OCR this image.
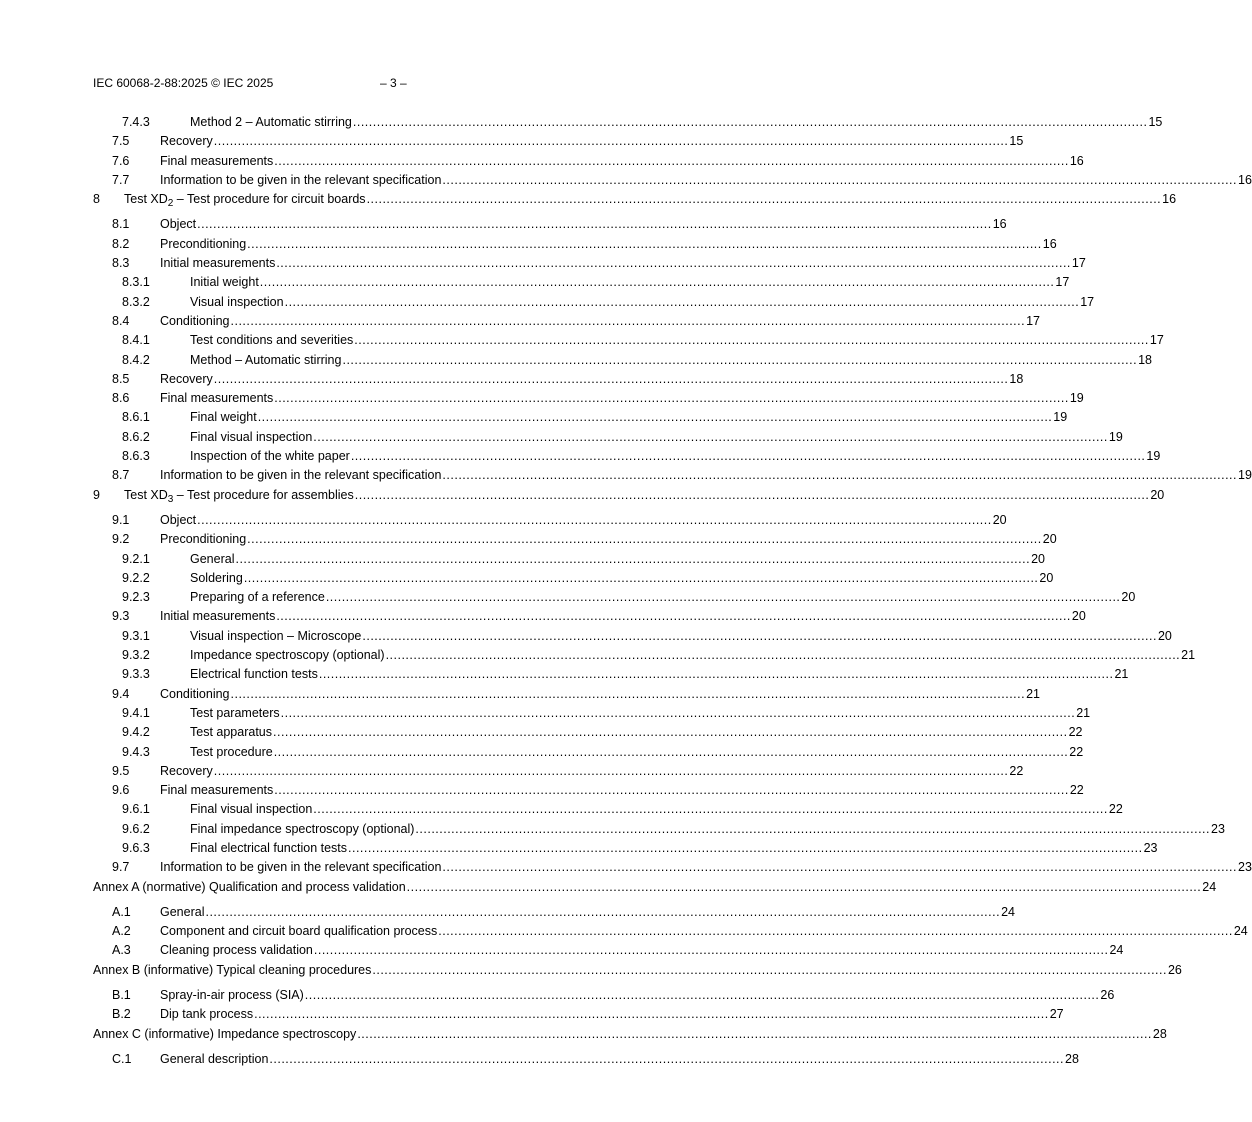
IEC 60068-2-88:2025 © IEC 2025	– 3 –
7.4.3	Method 2 – Automatic stirring ........................................................................................................................................................................................................ 15
7.5 Recovery ........................................................................................................................................................................................................ 15
7.6 Final measurements ........................................................................................................................................................................................................ 16
7.7 Information to be given in the relevant specification ........................................................................................................................................................................................................ 16
8 Test $XD_2$ – Test procedure for circuit boards ........................................................................................................................................................................................................ 16
8.1 Object ........................................................................................................................................................................................................ 16
8.2 Preconditioning ........................................................................................................................................................................................................ 16
8.3 Initial measurements ........................................................................................................................................................................................................ 17
8.3.1	Initial weight ........................................................................................................................................................................................................ 17
8.3.2	Visual inspection ........................................................................................................................................................................................................ 17
8.4 Conditioning ........................................................................................................................................................................................................ 17
8.4.1	Test conditions and severities ........................................................................................................................................................................................................ 17
8.4.2	Method – Automatic stirring ........................................................................................................................................................................................................ 18
8.5 Recovery ........................................................................................................................................................................................................ 18
8.6 Final measurements ........................................................................................................................................................................................................ 19
8.6.1	Final weight ........................................................................................................................................................................................................ 19
8.6.2	Final visual inspection ........................................................................................................................................................................................................ 19
8.6.3	Inspection of the white paper ........................................................................................................................................................................................................ 19
8.7 Information to be given in the relevant specification ........................................................................................................................................................................................................ 19
9 Test $XD_3$ – Test procedure for assemblies ........................................................................................................................................................................................................ 20
9.1 Object ........................................................................................................................................................................................................ 20
9.2 Preconditioning ........................................................................................................................................................................................................ 20
9.2.1	General ........................................................................................................................................................................................................ 20
9.2.2	Soldering ........................................................................................................................................................................................................ 20
9.2.3	Preparing of a reference ........................................................................................................................................................................................................ 20
9.3 Initial measurements ........................................................................................................................................................................................................ 20
9.3.1	Visual inspection – Microscope ........................................................................................................................................................................................................ 20
9.3.2	Impedance spectroscopy (optional) ........................................................................................................................................................................................................ 21
9.3.3	Electrical function tests ........................................................................................................................................................................................................ 21
9.4 Conditioning ........................................................................................................................................................................................................ 21
9.4.1	Test parameters ........................................................................................................................................................................................................ 21
9.4.2	Test apparatus ........................................................................................................................................................................................................ 22
9.4.3	Test procedure ........................................................................................................................................................................................................ 22
9.5 Recovery ........................................................................................................................................................................................................ 22
9.6 Final measurements ........................................................................................................................................................................................................ 22
9.6.1	Final visual inspection ........................................................................................................................................................................................................ 22
9.6.2	Final impedance spectroscopy (optional) ........................................................................................................................................................................................................ 23
9.6.3	Final electrical function tests ........................................................................................................................................................................................................ 23
9.7 Information to be given in the relevant specification ........................................................................................................................................................................................................ 23
Annex A (normative) Qualification and process validation ........................................................................................................................................................................................................ 24
A.1 General ........................................................................................................................................................................................................ 24
A.2 Component and circuit board qualification process ........................................................................................................................................................................................................ 24
A.3 Cleaning process validation ........................................................................................................................................................................................................ 24
Annex B (informative) Typical cleaning procedures ........................................................................................................................................................................................................ 26
B.1 Spray-in-air process (SIA) ........................................................................................................................................................................................................ 26
B.2 Dip tank process ........................................................................................................................................................................................................ 27
Annex C (informative) Impedance spectroscopy ........................................................................................................................................................................................................ 28
C.1 General description ........................................................................................................................................................................................................ 28
